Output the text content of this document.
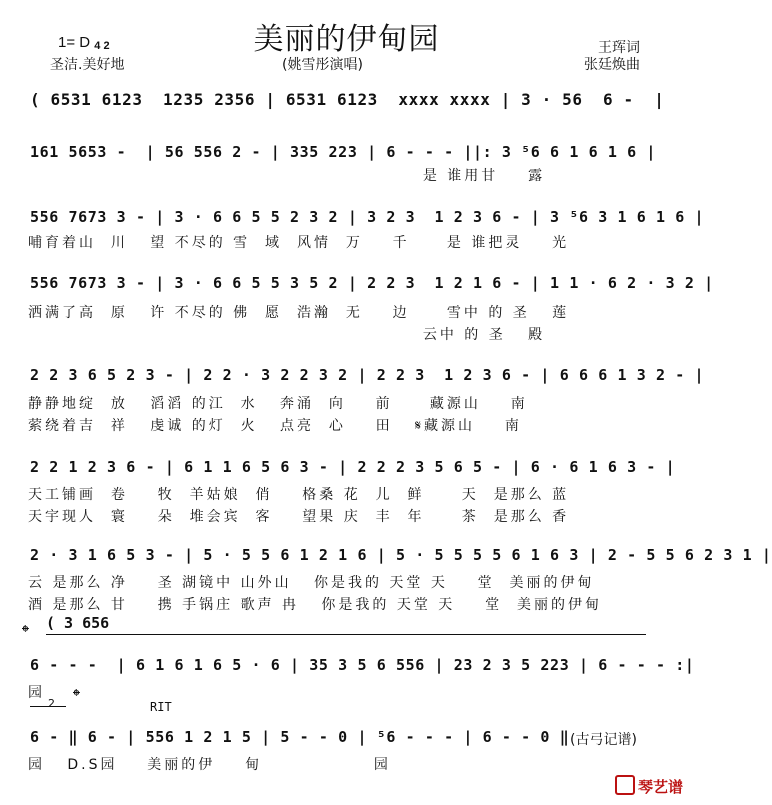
美丽的伊甸园
1= D 4 2
圣洁.美好地	(姚雪彤演唱)
王珲词
张廷焕曲
( 6531 6123  1235 2356 | 6531 6123  xxxx xxxx | 3 · 56  6 -  |
161 5653 -  | 56 556 2 - | 335 223 | 6 - - - ||: 3 ⁵6 6 1 6 1 6 |
是 谁用甘    露
556 7673 3 - | 3 · 6 6 5 5 2 3 2 | 3 2 3  1 2 3 6 - | 3 ⁵6 3 1 6 1 6 |
哺育着山  川   望 不尽的 雪  域  风情  万    千     是 谁把灵    光
556 7673 3 - | 3 · 6 6 5 5 3 5 2 | 2 2 3  1 2 1 6 - | 1 1 · 6 2 · 3 2 |
洒满了高  原   许 不尽的 佛  愿  浩瀚  无    边     雪中 的 圣   莲
云中 的 圣   殿
2 2 3 6 5 2 3 - | 2 2 · 3 2 2 3 2 | 2 2 3  1 2 3 6 - | 6 6 6 1 3 2 - |
静静地绽  放   滔滔 的江  水   奔涌  向    前     藏源山    南
萦绕着吉  祥   虔诚 的灯  火   点亮  心    田   𝄋藏源山    南
2 2 1 2 3 6 - | 6 1 1 6 5 6 3 - | 2 2 2 3 5 6 5 - | 6 · 6 1 6 3 - |
天工铺画  卷    牧  羊姑娘  俏    格桑 花  儿  鲜     天  是那么 蓝
天宇现人  寰    朵  堆会宾  客    望果 庆  丰  年     茶  是那么 香
2 · 3 1 6 5 3 - | 5 · 5 5 6 1 2 1 6 | 5 · 5 5 5 5 6 1 6 3 | 2 - 5 5 6 2 3 1 |
云 是那么 净    圣 湖镜中 山外山   你是我的 天堂 天    堂  美丽的伊甸
酒 是那么 甘    携 手锅庄 歌声 冉   你是我的 天堂 天    堂  美丽的伊甸
𝄌 ( 3 656
6 - - -  | 6 1 6 1 6 5 · 6 | 35 3 5 6 556 | 23 2 3 5 223 | 6 - - - :|
园
2 𝄌	RIT
6 - ‖ 6 - | 556 1 2 1 5 | 5 - - 0 | ⁵6 - - - | 6 - - 0 ‖
园   D.S园    美丽的伊    甸               园
(古弓记谱)
琴艺谱
